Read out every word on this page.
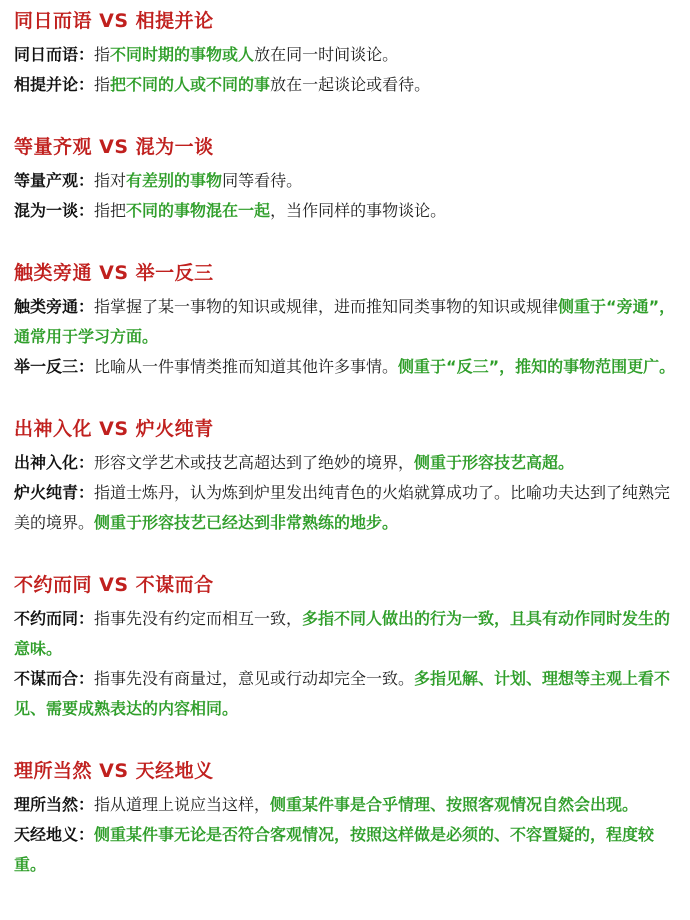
同日而语 VS 相提并论

同日而语：指不同时期的事物或人放在同一时间谈论。

相提并论：指把不同的人或不同的事放在一起谈论或看待。

等量齐观 VS 混为一谈

等量产观：指对有差别的事物同等看待。

混为一谈：指把不同的事物混在一起，当作同样的事物谈论。

触类旁通 VS 举一反三

触类旁通：指掌握了某一事物的知识或规律，进而推知同类事物的知识或规律侧重于“旁通”，通常用于学习方面。

举一反三：比喻从一件事情类推而知道其他许多事情。侧重于“反三”，推知的事物范围更广。

出神入化 VS 炉火纯青

出神入化：形容文学艺术或技艺高超达到了绝妙的境界，侧重于形容技艺高超。

炉火纯青：指道士炼丹，认为炼到炉里发出纯青色的火焰就算成功了。比喻功夫达到了纯熟完美的境界。侧重于形容技艺已经达到非常熟练的地步。

不约而同 VS 不谋而合

不约而同：指事先没有约定而相互一致，多指不同人做出的行为一致，且具有动作同时发生的意味。

不谋而合：指事先没有商量过，意见或行动却完全一致。多指见解、计划、理想等主观上看不见、需要成熟表达的内容相同。

理所当然 VS 天经地义

理所当然：指从道理上说应当这样，侧重某件事是合乎情理、按照客观情况自然会出现。

天经地义：侧重某件事无论是否符合客观情况，按照这样做是必须的、不容置疑的，程度较重。
